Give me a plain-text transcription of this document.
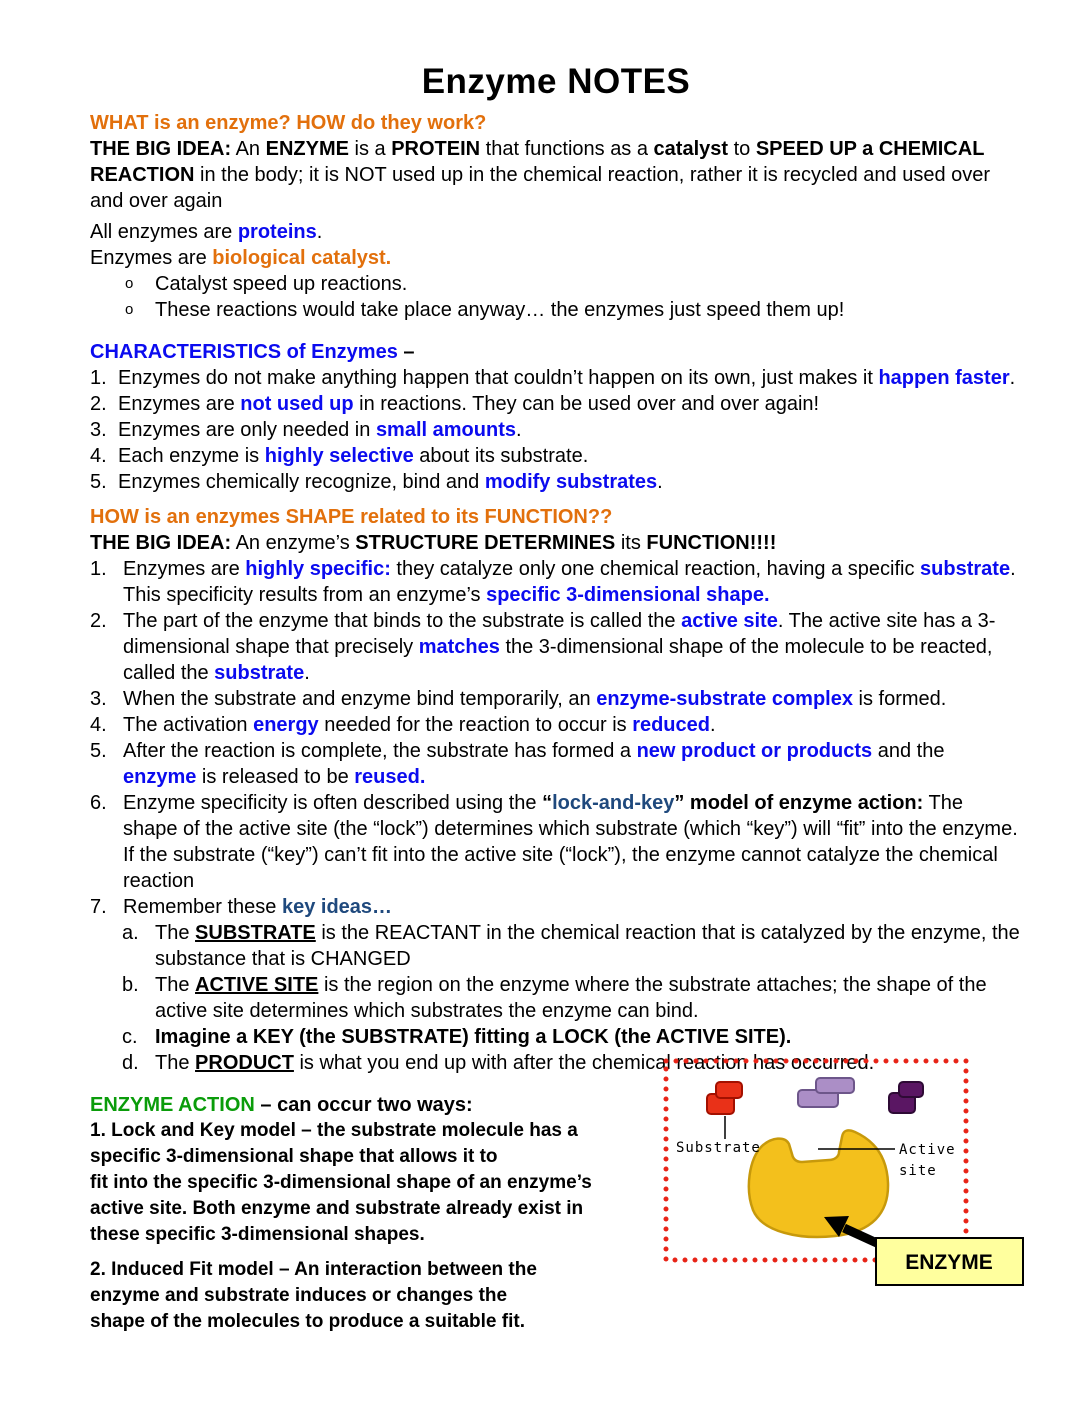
Enzyme NOTES
WHAT is an enzyme? HOW do they work?
THE BIG IDEA: An ENZYME is a PROTEIN that functions as a catalyst to SPEED UP a CHEMICAL REACTION in the body; it is NOT used up in the chemical reaction, rather it is recycled and used over and over again
All enzymes are proteins.
Enzymes are biological catalyst.
o	Catalyst speed up reactions.
o	These reactions would take place anyway… the enzymes just speed them up!
CHARACTERISTICS of Enzymes –
1. Enzymes do not make anything happen that couldn’t happen on its own, just makes it happen faster.
2. Enzymes are not used up in reactions. They can be used over and over again!
3. Enzymes are only needed in small amounts.
4. Each enzyme is highly selective about its substrate.
5. Enzymes chemically recognize, bind and modify substrates.
HOW is an enzymes SHAPE related to its FUNCTION??
THE BIG IDEA: An enzyme’s STRUCTURE DETERMINES its FUNCTION!!!!
1. Enzymes are highly specific: they catalyze only one chemical reaction, having a specific substrate. This specificity results from an enzyme’s specific 3-dimensional shape.
2. The part of the enzyme that binds to the substrate is called the active site. The active site has a 3-dimensional shape that precisely matches the 3-dimensional shape of the molecule to be reacted, called the substrate.
3. When the substrate and enzyme bind temporarily, an enzyme-substrate complex is formed.
4. The activation energy needed for the reaction to occur is reduced.
5. After the reaction is complete, the substrate has formed a new product or products and the enzyme is released to be reused.
6. Enzyme specificity is often described using the “lock-and-key” model of enzyme action: The shape of the active site (the “lock”) determines which substrate (which “key”) will “fit” into the enzyme. If the substrate (“key”) can’t fit into the active site (“lock”), the enzyme cannot catalyze the chemical reaction
7. Remember these key ideas…
a. The SUBSTRATE is the REACTANT in the chemical reaction that is catalyzed by the enzyme, the substance that is CHANGED
b. The ACTIVE SITE is the region on the enzyme where the substrate attaches; the shape of the active site determines which substrates the enzyme can bind.
c. Imagine a KEY (the SUBSTRATE) fitting a LOCK (the ACTIVE SITE).
d. The PRODUCT is what you end up with after the chemical reaction has occurred.
ENZYME ACTION – can occur two ways:
1. Lock and Key model – the substrate molecule has a
specific 3-dimensional shape that allows it to
fit into the specific 3-dimensional shape of an enzyme’s
active site. Both enzyme and substrate already exist in
these specific 3-dimensional shapes.
2. Induced Fit model – An interaction between the
enzyme and substrate induces or changes the
shape of the molecules to produce a suitable fit.
Substrate	Active
site
ENZYME
